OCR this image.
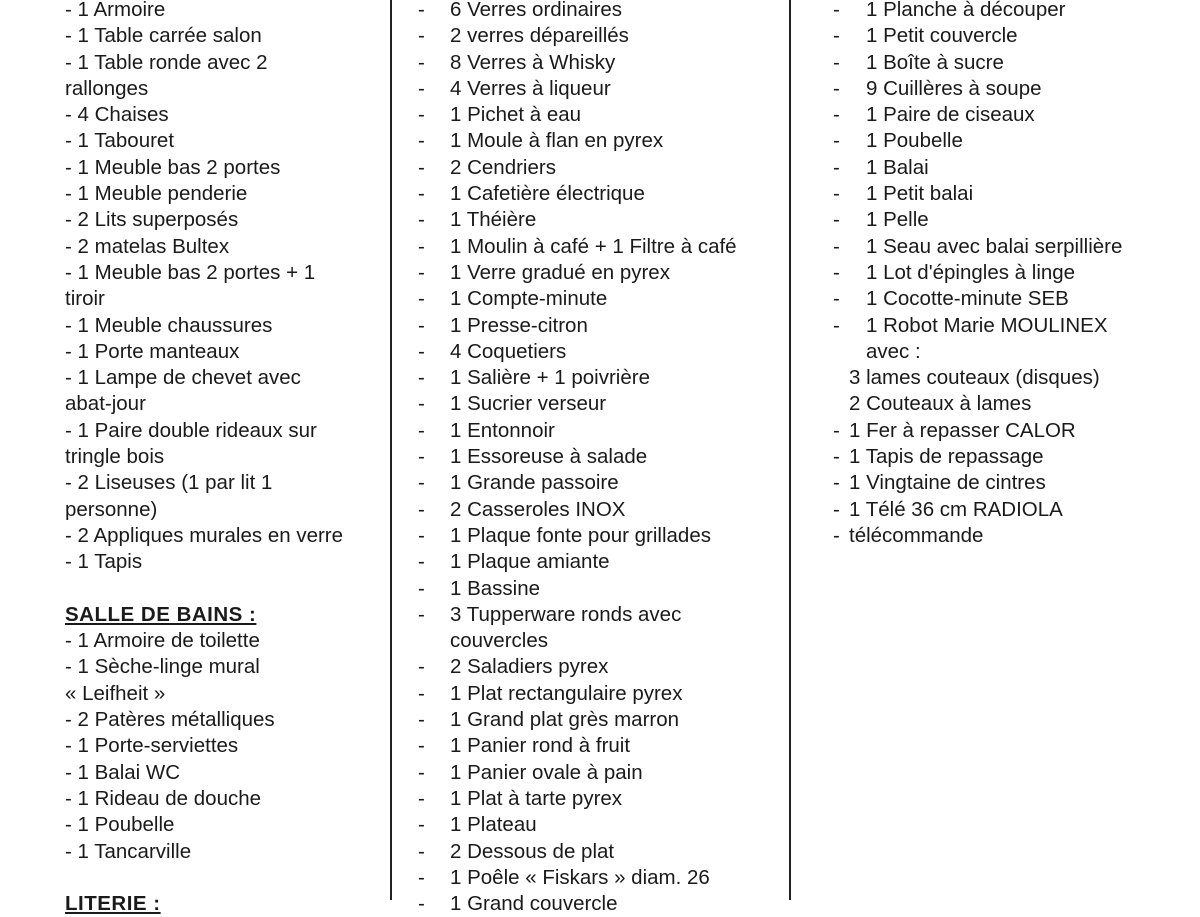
- 1 Armoire
- 1 Table carrée salon
- 1 Table ronde avec 2
rallonges
- 4 Chaises
- 1 Tabouret
- 1 Meuble bas 2 portes
- 1 Meuble penderie
- 2 Lits superposés
- 2 matelas Bultex
- 1 Meuble bas 2 portes + 1
tiroir
- 1 Meuble chaussures
- 1 Porte manteaux
- 1 Lampe de chevet avec
abat-jour
- 1 Paire double rideaux sur
tringle bois
- 2 Liseuses (1 par lit 1
personne)
- 2 Appliques murales en verre
- 1 Tapis
SALLE DE BAINS :
- 1 Armoire de toilette
- 1 Sèche-linge mural
« Leifheit »
- 2 Patères métalliques
- 1 Porte-serviettes
- 1 Balai WC
- 1 Rideau de douche
- 1 Poubelle
- 1 Tancarville
LITERIE :
- 6 Verres ordinaires
- 2 verres dépareillés
- 8 Verres à Whisky
- 4 Verres à liqueur
- 1 Pichet à eau
- 1 Moule à flan en pyrex
- 2 Cendriers
- 1 Cafetière électrique
- 1 Théière
- 1 Moulin à café + 1 Filtre à café
- 1 Verre gradué en pyrex
- 1 Compte-minute
- 1 Presse-citron
- 4 Coquetiers
- 1 Salière + 1 poivrière
- 1 Sucrier verseur
- 1 Entonnoir
- 1 Essoreuse à salade
- 1 Grande passoire
- 2 Casseroles INOX
- 1 Plaque fonte pour grillades
- 1 Plaque amiante
- 1 Bassine
- 3 Tupperware ronds avec
couvercles
- 2 Saladiers pyrex
- 1 Plat rectangulaire pyrex
- 1 Grand plat grès marron
- 1 Panier rond à fruit
- 1 Panier ovale à pain
- 1 Plat à tarte pyrex
- 1 Plateau
- 2 Dessous de plat
- 1 Poêle « Fiskars » diam. 26
- 1 Grand couvercle
- 1 Planche à découper
- 1 Petit couvercle
- 1 Boîte à sucre
- 9 Cuillères à soupe
- 1 Paire de ciseaux
- 1 Poubelle
- 1 Balai
- 1 Petit balai
- 1 Pelle
- 1 Seau avec balai serpillière
- 1 Lot d'épingles à linge
- 1 Cocotte-minute SEB
- 1 Robot Marie MOULINEX
avec :
3 lames couteaux (disques)
2 Couteaux à lames
- 1 Fer à repasser CALOR
- 1 Tapis de repassage
- 1 Vingtaine de cintres
- 1 Télé 36 cm RADIOLA
- télécommande
